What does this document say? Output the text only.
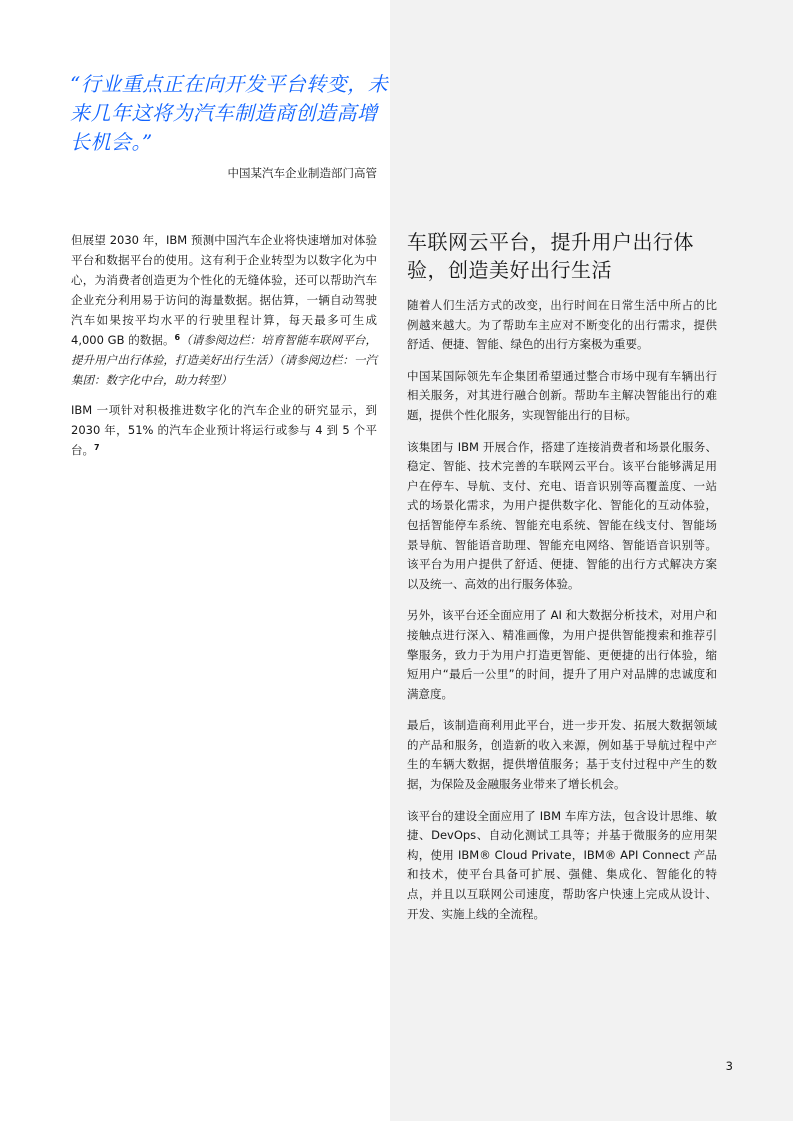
“行业重点正在向开发平台转变，未来几年这将为汽车制造商创造高增长机会。”

中国某汽车企业制造部门高管

但展望 2030 年，IBM 预测中国汽车企业将快速增加对体验平台和数据平台的使用。这有利于企业转型为以数字化为中心，为消费者创造更为个性化的无缝体验，还可以帮助汽车企业充分利用易于访问的海量数据。据估算，一辆自动驾驶汽车如果按平均水平的行驶里程计算，每天最多可生成 4,000 GB 的数据。$^6$（请参阅边栏：培育智能车联网平台，提升用户出行体验，打造美好出行生活）（请参阅边栏：一汽集团：数字化中台，助力转型）

IBM 一项针对积极推进数字化的汽车企业的研究显示，到 2030 年，51% 的汽车企业预计将运行或参与 4 到 5 个平台。$^7$

车联网云平台，提升用户出行体验，创造美好出行生活

随着人们生活方式的改变，出行时间在日常生活中所占的比例越来越大。为了帮助车主应对不断变化的出行需求，提供舒适、便捷、智能、绿色的出行方案极为重要。

中国某国际领先车企集团希望通过整合市场中现有车辆出行相关服务，对其进行融合创新。帮助车主解决智能出行的难题，提供个性化服务，实现智能出行的目标。

该集团与 IBM 开展合作，搭建了连接消费者和场景化服务、稳定、智能、技术完善的车联网云平台。该平台能够满足用户在停车、导航、支付、充电、语音识别等高覆盖度、一站式的场景化需求，为用户提供数字化、智能化的互动体验，包括智能停车系统、智能充电系统、智能在线支付、智能场景导航、智能语音助理、智能充电网络、智能语音识别等。该平台为用户提供了舒适、便捷、智能的出行方式解决方案以及统一、高效的出行服务体验。

另外，该平台还全面应用了 AI 和大数据分析技术，对用户和接触点进行深入、精准画像，为用户提供智能搜索和推荐引擎服务，致力于为用户打造更智能、更便捷的出行体验，缩短用户“最后一公里”的时间，提升了用户对品牌的忠诚度和满意度。

最后，该制造商利用此平台，进一步开发、拓展大数据领域的产品和服务，创造新的收入来源，例如基于导航过程中产生的车辆大数据，提供增值服务；基于支付过程中产生的数据，为保险及金融服务业带来了增长机会。

该平台的建设全面应用了 IBM 车库方法，包含设计思维、敏捷、DevOps、自动化测试工具等；并基于微服务的应用架构，使用 IBM® Cloud Private，IBM® API Connect 产品和技术，使平台具备可扩展、强健、集成化、智能化的特点，并且以互联网公司速度，帮助客户快速上完成从设计、开发、实施上线的全流程。

3
